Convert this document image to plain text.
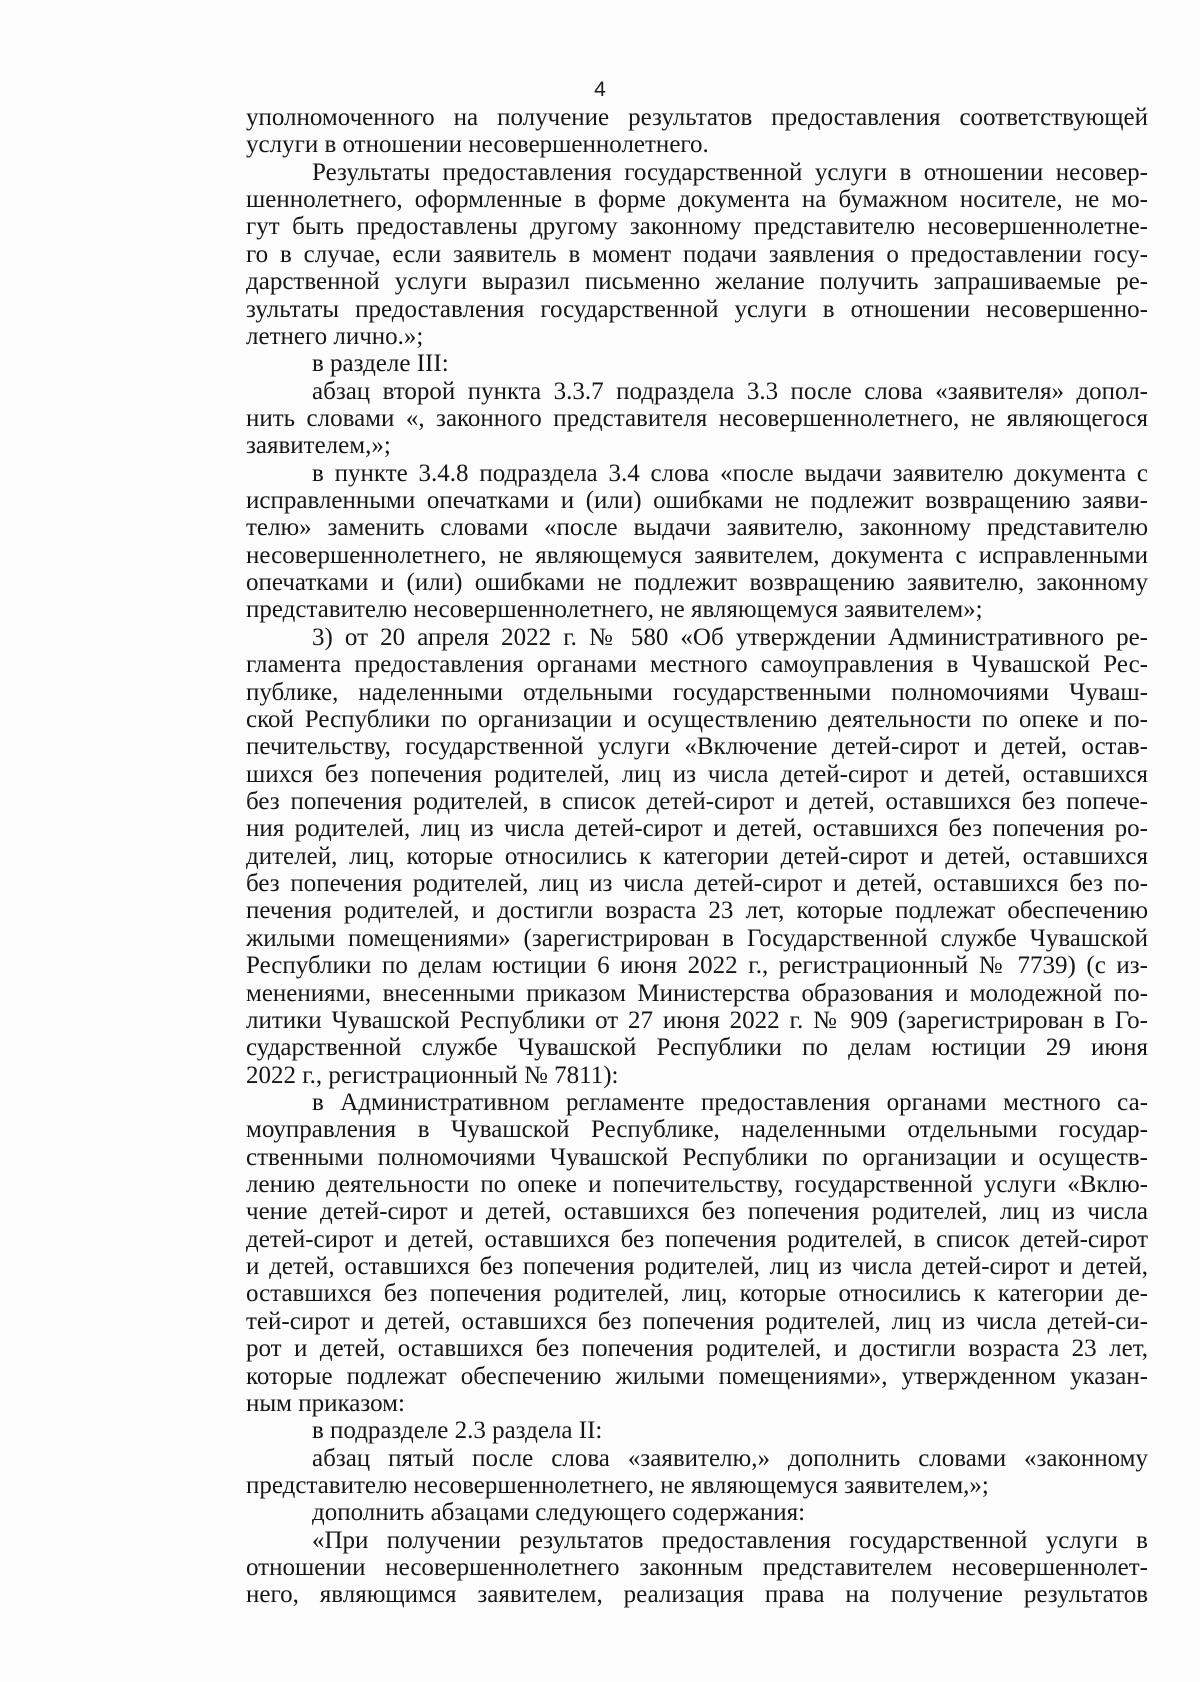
4
уполномоченного на получение результатов предоставления соответствующей
услуги в отношении несовершеннолетнего.
Результаты предоставления государственной услуги в отношении несовер-
шеннолетнего, оформленные в форме документа на бумажном носителе, не мо-
гут быть предоставлены другому законному представителю несовершеннолетне-
го в случае, если заявитель в момент подачи заявления о предоставлении госу-
дарственной услуги выразил письменно желание получить запрашиваемые ре-
зультаты предоставления государственной услуги в отношении несовершенно-
летнего лично.»;
в разделе III:
абзац второй пункта 3.3.7 подраздела 3.3 после слова «заявителя» допол-
нить словами «, законного представителя несовершеннолетнего, не являющегося
заявителем,»;
в пункте 3.4.8 подраздела 3.4 слова «после выдачи заявителю документа с
исправленными опечатками и (или) ошибками не подлежит возвращению заяви-
телю» заменить словами «после выдачи заявителю, законному представителю
несовершеннолетнего, не являющемуся заявителем, документа с исправленными
опечатками и (или) ошибками не подлежит возвращению заявителю, законному
представителю несовершеннолетнего, не являющемуся заявителем»;
3) от 20 апреля 2022 г. № 580 «Об утверждении Административного ре-
гламента предоставления органами местного самоуправления в Чувашской Рес-
публике, наделенными отдельными государственными полномочиями Чуваш-
ской Республики по организации и осуществлению деятельности по опеке и по-
печительству, государственной услуги «Включение детей-сирот и детей, остав-
шихся без попечения родителей, лиц из числа детей-сирот и детей, оставшихся
без попечения родителей, в список детей-сирот и детей, оставшихся без попече-
ния родителей, лиц из числа детей-сирот и детей, оставшихся без попечения ро-
дителей, лиц, которые относились к категории детей-сирот и детей, оставшихся
без попечения родителей, лиц из числа детей-сирот и детей, оставшихся без по-
печения родителей, и достигли возраста 23 лет, которые подлежат обеспечению
жилыми помещениями» (зарегистрирован в Государственной службе Чувашской
Республики по делам юстиции 6 июня 2022 г., регистрационный № 7739) (с из-
менениями, внесенными приказом Министерства образования и молодежной по-
литики Чувашской Республики от 27 июня 2022 г. № 909 (зарегистрирован в Го-
сударственной службе Чувашской Республики по делам юстиции 29 июня
2022 г., регистрационный № 7811):
в Административном регламенте предоставления органами местного са-
моуправления в Чувашской Республике, наделенными отдельными государ-
ственными полномочиями Чувашской Республики по организации и осуществ-
лению деятельности по опеке и попечительству, государственной услуги «Вклю-
чение детей-сирот и детей, оставшихся без попечения родителей, лиц из числа
детей-сирот и детей, оставшихся без попечения родителей, в список детей-сирот
и детей, оставшихся без попечения родителей, лиц из числа детей-сирот и детей,
оставшихся без попечения родителей, лиц, которые относились к категории де-
тей-сирот и детей, оставшихся без попечения родителей, лиц из числа детей-си-
рот и детей, оставшихся без попечения родителей, и достигли возраста 23 лет,
которые подлежат обеспечению жилыми помещениями», утвержденном указан-
ным приказом:
в подразделе 2.3 раздела II:
абзац пятый после слова «заявителю,» дополнить словами «законному
представителю несовершеннолетнего, не являющемуся заявителем,»;
дополнить абзацами следующего содержания:
«При получении результатов предоставления государственной услуги в
отношении несовершеннолетнего законным представителем несовершеннолет-
него, являющимся заявителем, реализация права на получение результатов
